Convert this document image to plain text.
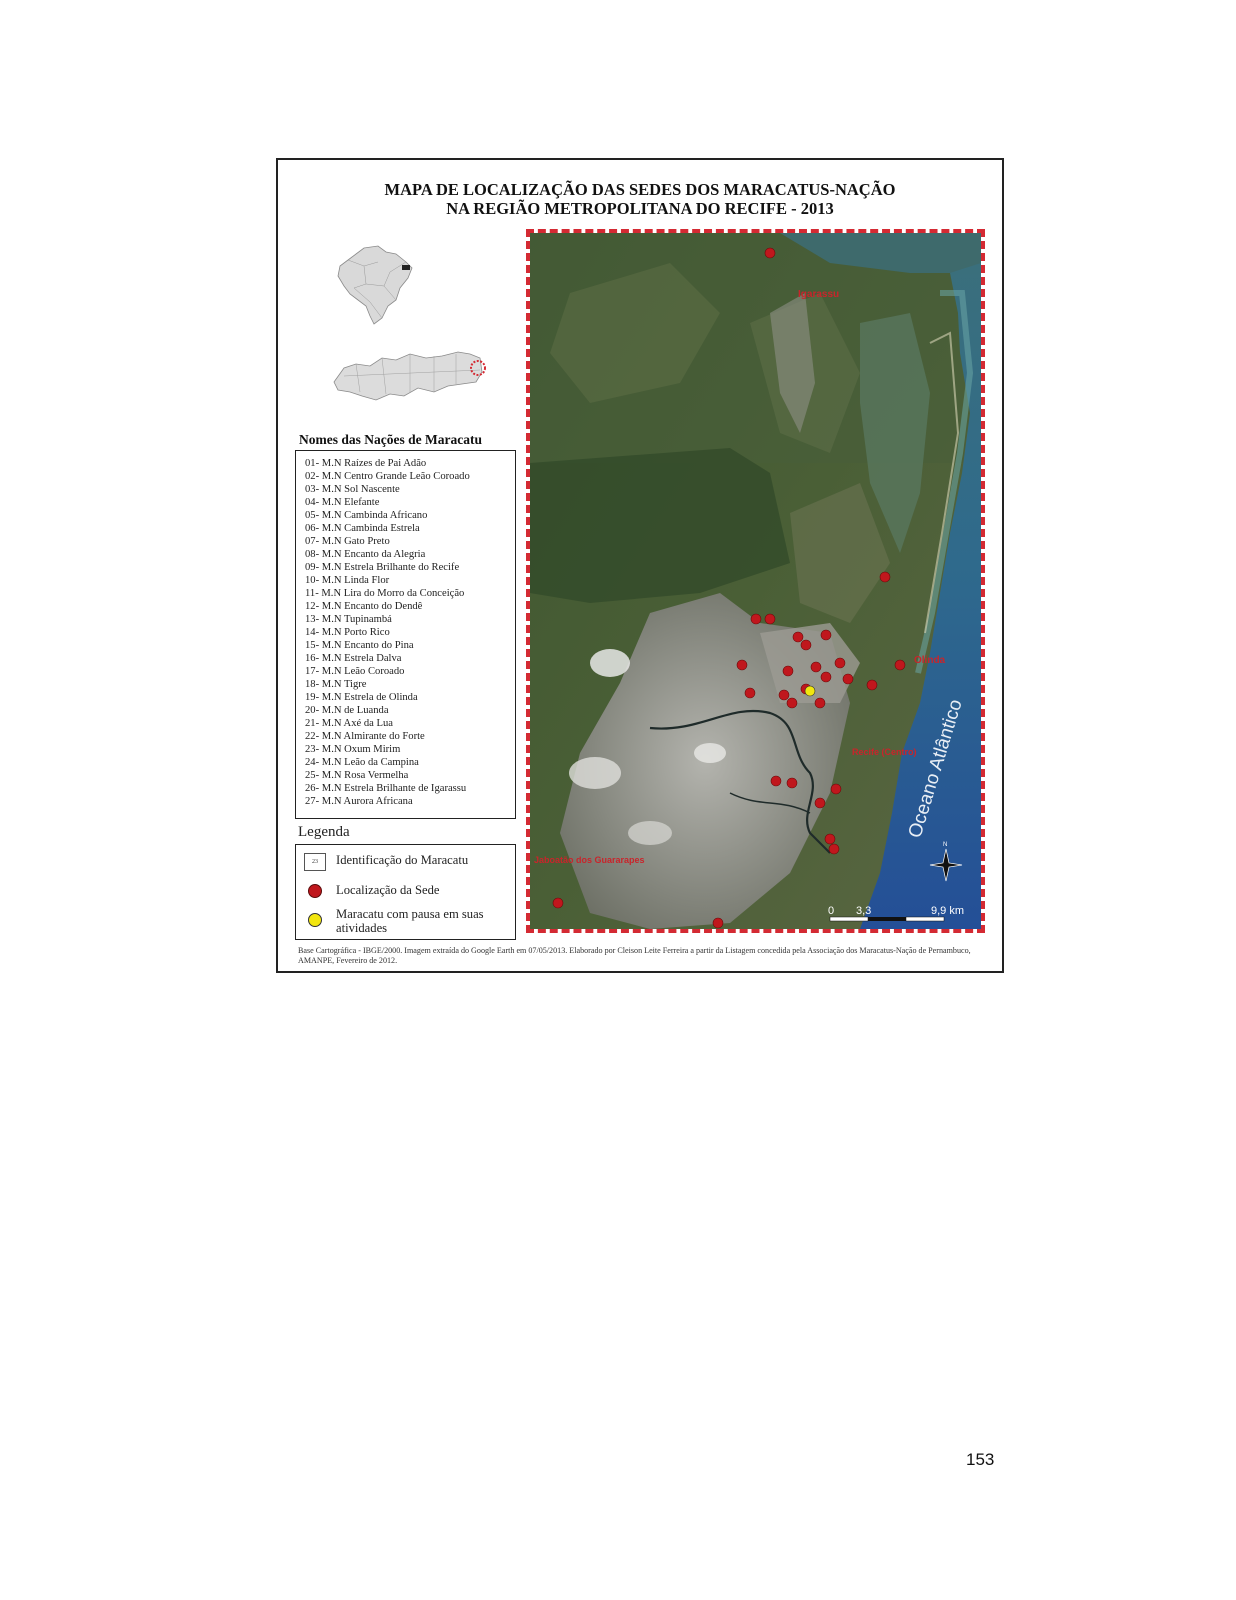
MAPA DE LOCALIZAÇÃO DAS SEDES DOS MARACATUS-NAÇÃO
NA REGIÃO METROPOLITANA DO RECIFE - 2013
Nomes das Nações de Maracatu
01- M.N Raízes de Pai Adão
02- M.N Centro Grande Leão Coroado
03- M.N Sol Nascente
04- M.N Elefante
05- M.N Cambinda Africano
06- M.N Cambinda Estrela
07- M.N Gato Preto
08- M.N Encanto da Alegria
09- M.N Estrela Brilhante do Recife
10- M.N Linda Flor
11- M.N Lira do Morro da Conceição
12- M.N Encanto do Dendê
13- M.N Tupinambá
14- M.N Porto Rico
15- M.N Encanto do Pina
16- M.N Estrela Dalva
17- M.N Leão Coroado
18- M.N Tigre
19- M.N Estrela de Olinda
20- M.N de Luanda
21- M.N Axé da Lua
22- M.N Almirante do Forte
23- M.N Oxum Mirim
24- M.N Leão da Campina
25- M.N Rosa Vermelha
26- M.N Estrela Brilhante de Igarassu
27- M.N Aurora Africana
Legenda
23	Identificação do Maracatu
Localização da Sede
Maracatu com pausa em suas atividades
Igarassu
Olinda
Recife (Centro)
Jaboatão dos Guararapes
Oceano Atlântico
N
0 3,3	9,9 km
Base Cartográfica - IBGE/2000. Imagem extraída do Google Earth em 07/05/2013. Elaborado por Cleison Leite Ferreira a partir da Listagem concedida pela Associação dos Maracatus-Nação de Pernambuco, AMANPE, Fevereiro de 2012.
153
